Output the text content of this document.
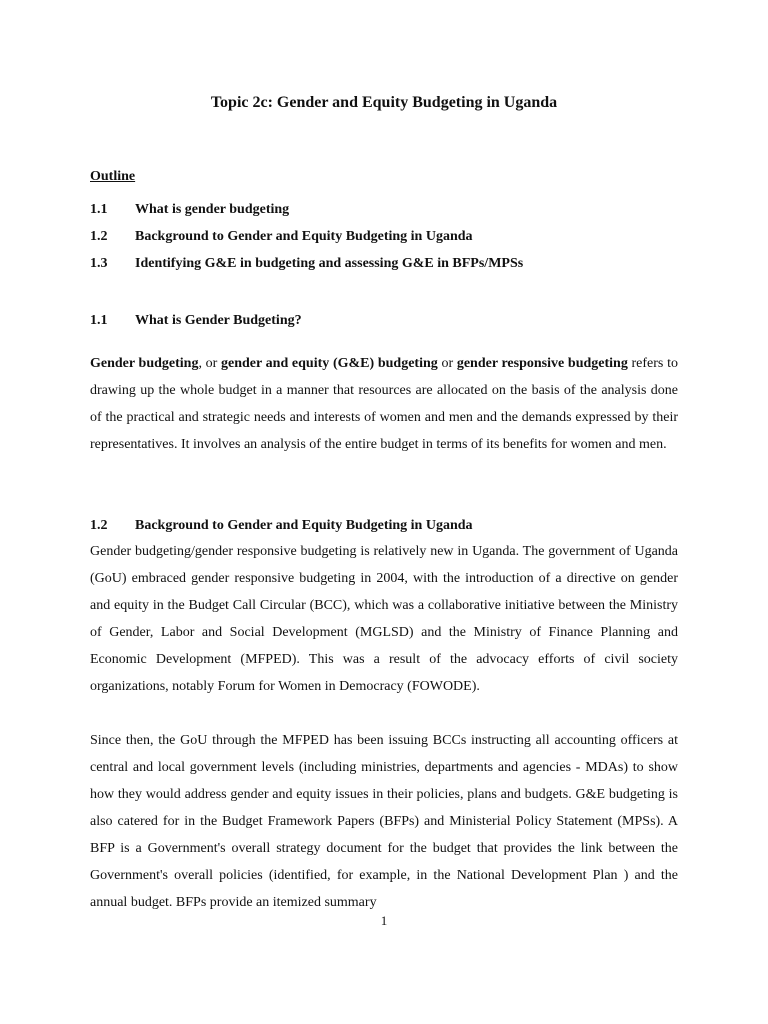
Topic 2c: Gender and Equity Budgeting in Uganda
Outline
1.1 What is gender budgeting
1.2 Background to Gender and Equity Budgeting in Uganda
1.3 Identifying G&E in budgeting and assessing G&E in BFPs/MPSs
1.1 What is Gender Budgeting?

Gender budgeting, or gender and equity (G&E) budgeting or gender responsive budgeting refers to drawing up the whole budget in a manner that resources are allocated on the basis of the analysis done of the practical and strategic needs and interests of women and men and the demands expressed by their representatives. It involves an analysis of the entire budget in terms of its benefits for women and men.

1.2 Background to Gender and Equity Budgeting in Uganda

Gender budgeting/gender responsive budgeting is relatively new in Uganda. The government of Uganda (GoU) embraced gender responsive budgeting in 2004, with the introduction of a directive on gender and equity in the Budget Call Circular (BCC), which was a collaborative initiative between the Ministry of Gender, Labor and Social Development (MGLSD) and the Ministry of Finance Planning and Economic Development (MFPED). This was a result of the advocacy efforts of civil society organizations, notably Forum for Women in Democracy (FOWODE).

Since then, the GoU through the MFPED has been issuing BCCs instructing all accounting officers at central and local government levels (including ministries, departments and agencies - MDAs) to show how they would address gender and equity issues in their policies, plans and budgets. G&E budgeting is also catered for in the Budget Framework Papers (BFPs) and Ministerial Policy Statement (MPSs). A BFP is a Government's overall strategy document for the budget that provides the link between the Government's overall policies (identified, for example, in the National Development Plan ) and the annual budget. BFPs provide an itemized summary

1
